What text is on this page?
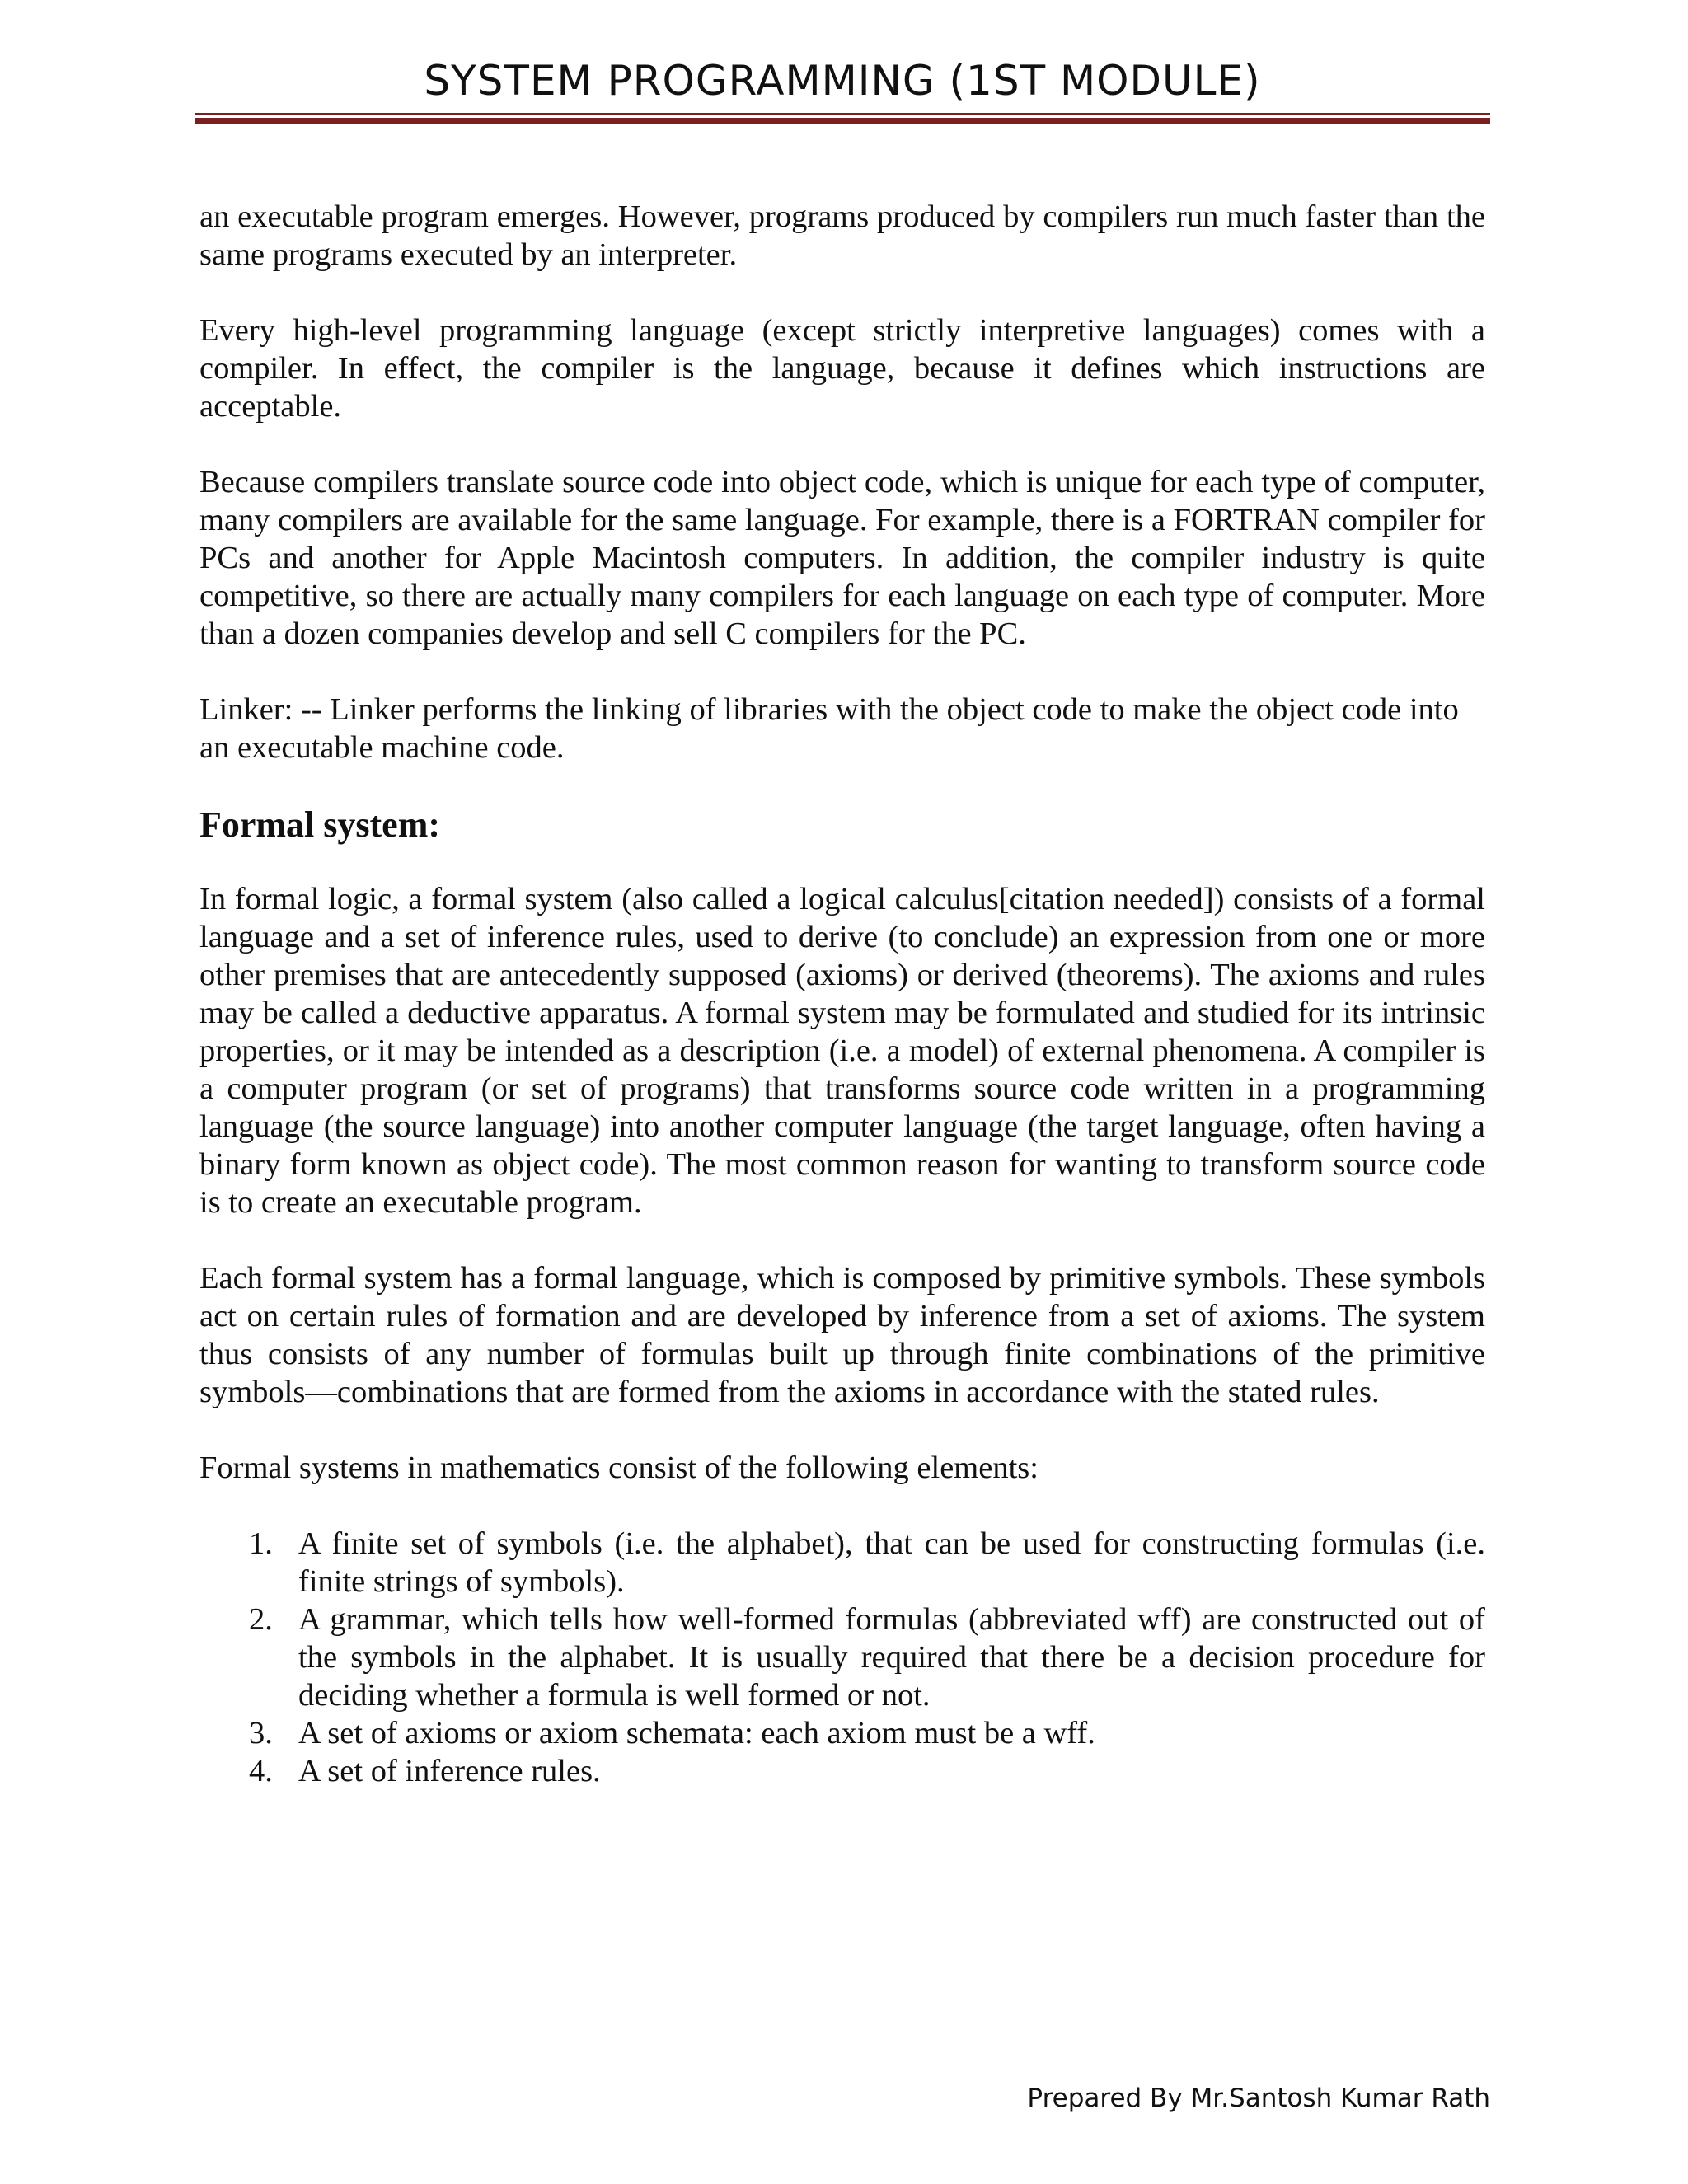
SYSTEM PROGRAMMING (1ST MODULE)

an executable program emerges. However, programs produced by compilers run much faster than the same programs executed by an interpreter.

Every high-level programming language (except strictly interpretive languages) comes with a compiler. In effect, the compiler is the language, because it defines which instructions are acceptable.

Because compilers translate source code into object code, which is unique for each type of computer, many compilers are available for the same language. For example, there is a FORTRAN compiler for PCs and another for Apple Macintosh computers. In addition, the compiler industry is quite competitive, so there are actually many compilers for each language on each type of computer. More than a dozen companies develop and sell C compilers for the PC.

Linker: -- Linker performs the linking of libraries with the object code to make the object code into an executable machine code.

Formal system:

In formal logic, a formal system (also called a logical calculus[citation needed]) consists of a formal language and a set of inference rules, used to derive (to conclude) an expression from one or more other premises that are antecedently supposed (axioms) or derived (theorems). The axioms and rules may be called a deductive apparatus. A formal system may be formulated and studied for its intrinsic properties, or it may be intended as a description (i.e. a model) of external phenomena. A compiler is a computer program (or set of programs) that transforms source code written in a programming language (the source language) into another computer language (the target language, often having a binary form known as object code). The most common reason for wanting to transform source code is to create an executable program.

Each formal system has a formal language, which is composed by primitive symbols. These symbols act on certain rules of formation and are developed by inference from a set of axioms. The system thus consists of any number of formulas built up through finite combinations of the primitive symbols—combinations that are formed from the axioms in accordance with the stated rules.

Formal systems in mathematics consist of the following elements:

1. A finite set of symbols (i.e. the alphabet), that can be used for constructing formulas (i.e. finite strings of symbols).
2. A grammar, which tells how well-formed formulas (abbreviated wff) are constructed out of the symbols in the alphabet. It is usually required that there be a decision procedure for deciding whether a formula is well formed or not.
3. A set of axioms or axiom schemata: each axiom must be a wff.
4. A set of inference rules.
Prepared By Mr.Santosh Kumar Rath
